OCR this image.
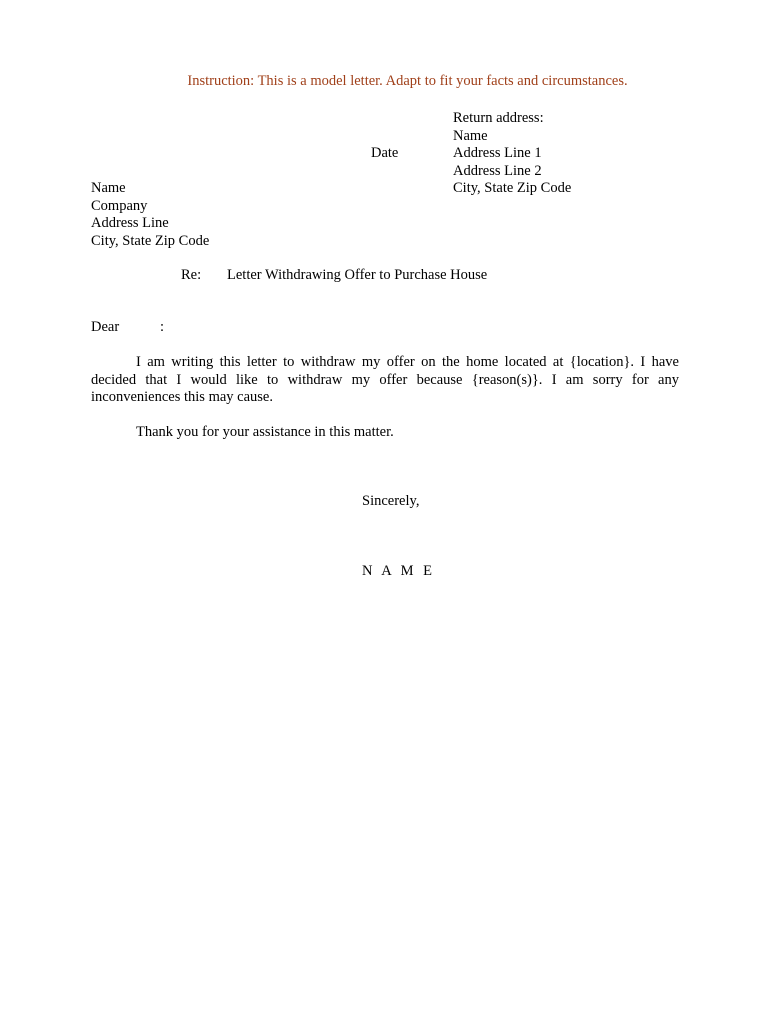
Instruction: This is a model letter. Adapt to fit your facts and circumstances.
Return address:
Name
Address Line 1
Address Line 2
City, State Zip Code
Date
Name
Company
Address Line
City, State Zip Code
Re: Letter Withdrawing Offer to Purchase House
Dear	:
I am writing this letter to withdraw my offer on the home located at {location}. I have decided that I would like to withdraw my offer because {reason(s)}. I am sorry for any inconveniences this may cause.
Thank you for your assistance in this matter.
Sincerely,
N A M E
